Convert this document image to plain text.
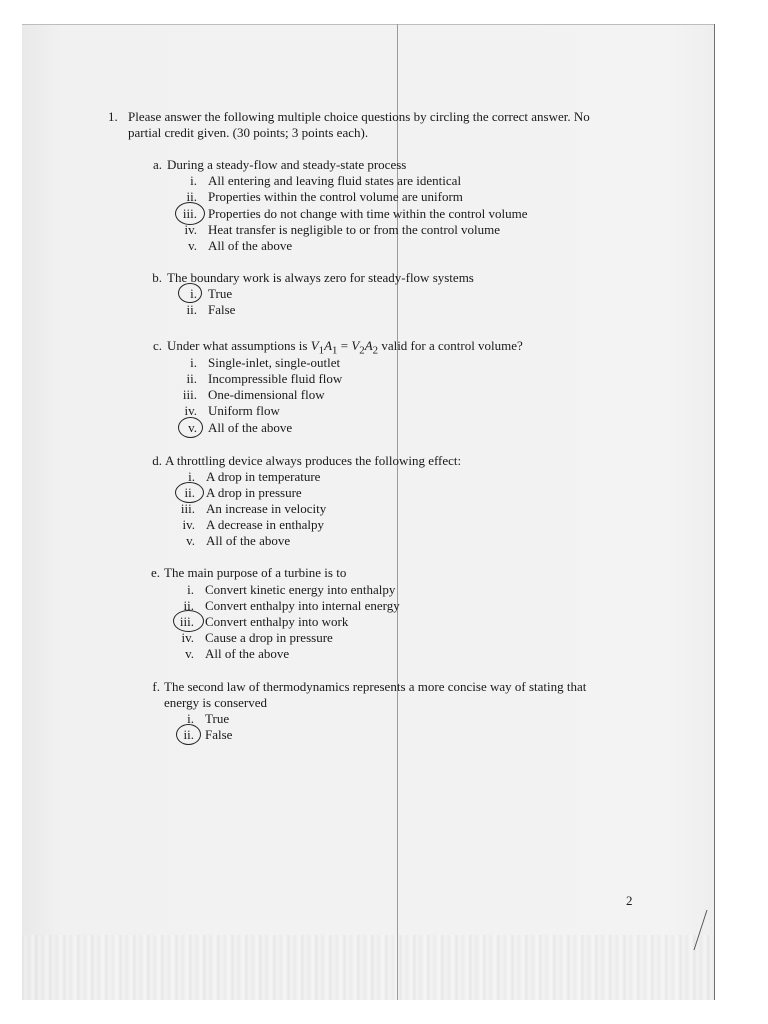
1. Please answer the following multiple choice questions by circling the correct answer. No
partial credit given. (30 points; 3 points each).
a. During a steady-flow and steady-state process
i. All entering and leaving fluid states are identical
ii. Properties within the control volume are uniform
iii. Properties do not change with time within the control volume
iv. Heat transfer is negligible to or from the control volume
v. All of the above
b. The boundary work is always zero for steady-flow systems
i. True
ii. False
c. Under what assumptions is $V_1A_1 = V_2A_2$ valid for a control volume?
i. Single-inlet, single-outlet
ii. Incompressible fluid flow
iii. One-dimensional flow
iv. Uniform flow
v. All of the above
d. A throttling device always produces the following effect:
i. A drop in temperature
ii. A drop in pressure
iii. An increase in velocity
iv. A decrease in enthalpy
v. All of the above
e. The main purpose of a turbine is to
i. Convert kinetic energy into enthalpy
ii. Convert enthalpy into internal energy
iii. Convert enthalpy into work
iv. Cause a drop in pressure
v. All of the above
f. The second law of thermodynamics represents a more concise way of stating that
energy is conserved
i. True
ii. False
2
